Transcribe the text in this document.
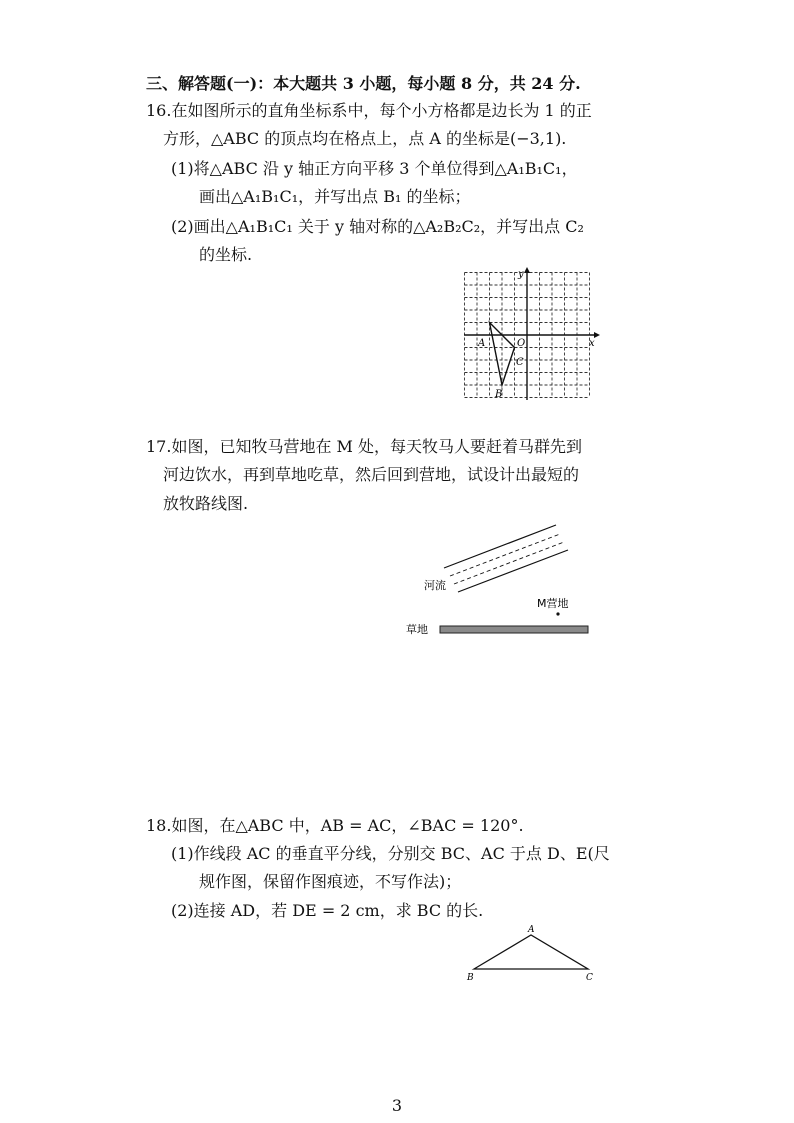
三、解答题(一)：本大题共 3 小题，每小题 8 分，共 24 分.
16.在如图所示的直角坐标系中，每个小方格都是边长为 1 的正
方形，△ABC 的顶点均在格点上，点 A 的坐标是(−3,1).
(1)将△ABC 沿 y 轴正方向平移 3 个单位得到△A₁B₁C₁，
画出△A₁B₁C₁，并写出点 B₁ 的坐标；
(2)画出△A₁B₁C₁ 关于 y 轴对称的△A₂B₂C₂，并写出点 C₂
的坐标.
x
y
O
A
B
C
17.如图，已知牧马营地在 M 处，每天牧马人要赶着马群先到
河边饮水，再到草地吃草，然后回到营地，试设计出最短的
放牧路线图.
河流
M营地
草地
18.如图，在△ABC 中，AB = AC，∠BAC = 120°.
(1)作线段 AC 的垂直平分线，分别交 BC、AC 于点 D、E(尺
规作图，保留作图痕迹，不写作法)；
(2)连接 AD，若 DE = 2 cm，求 BC 的长.
A
B	C
3
